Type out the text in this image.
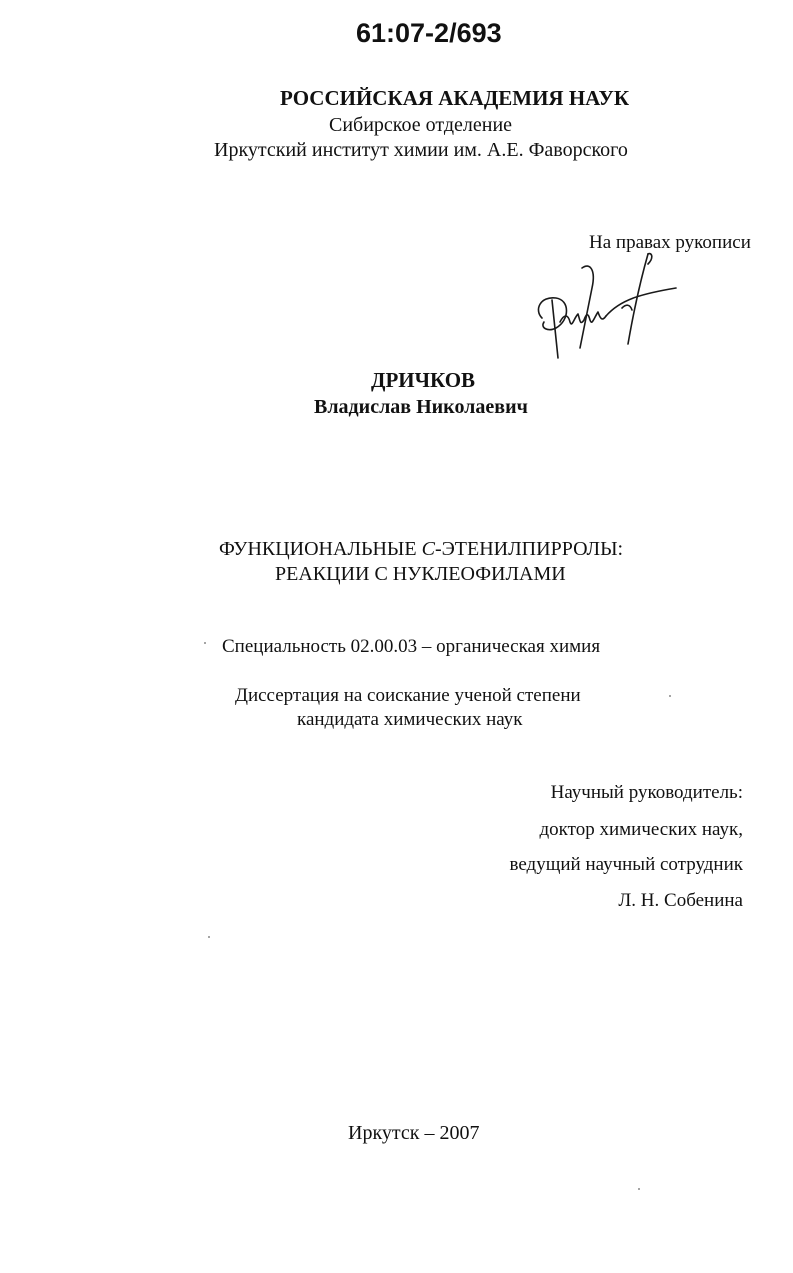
61:07-2/693
РОССИЙСКАЯ АКАДЕМИЯ НАУК
Сибирское отделение
Иркутский институт химии им. А.Е. Фаворского
На правах рукописи
ДРИЧКОВ
Владислав Николаевич
ФУНКЦИОНАЛЬНЫЕ С-ЭТЕНИЛПИРРОЛЫ:
РЕАКЦИИ С НУКЛЕОФИЛАМИ
Специальность 02.00.03 – органическая химия
Диссертация на соискание ученой степени
кандидата химических наук
Научный руководитель:
доктор химических наук,
ведущий научный сотрудник
Л. Н. Собенина
Иркутск – 2007
